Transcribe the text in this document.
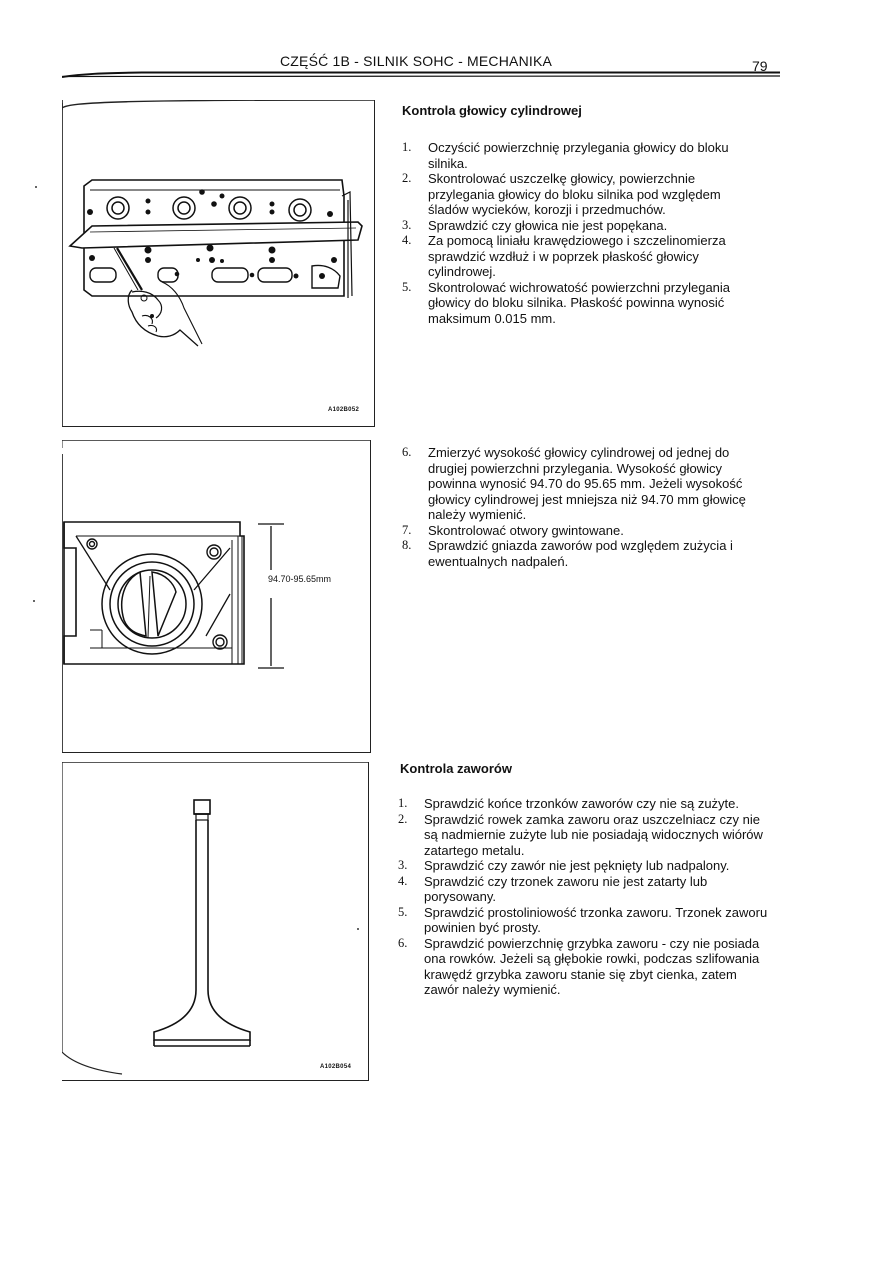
CZĘŚĆ 1B - SILNIK SOHC - MECHANIKA	79
A102B052
94.70-95.65mm
A102B054
Kontrola głowicy cylindrowej
1. Oczyścić powierzchnię przylegania głowicy do bloku silnika.
2. Skontrolować uszczelkę głowicy, powierzchnie przylegania głowicy do bloku silnika pod względem śladów wycieków, korozji i przedmuchów.
3. Sprawdzić czy głowica nie jest popękana.
4. Za pomocą liniału krawędziowego i szczelinomierza sprawdzić wzdłuż i w poprzek płaskość głowicy cylindrowej.
5. Skontrolować wichrowatość powierzchni przylegania głowicy do bloku silnika. Płaskość powinna wynosić maksimum 0.015 mm.
6. Zmierzyć wysokość głowicy cylindrowej od jednej do drugiej powierzchni przylegania. Wysokość głowicy powinna wynosić 94.70 do 95.65 mm. Jeżeli wysokość głowicy cylindrowej jest mniejsza niż 94.70 mm głowicę należy wymienić.
7. Skontrolować otwory gwintowane.
8. Sprawdzić gniazda zaworów pod względem zużycia i ewentualnych nadpaleń.
Kontrola zaworów
1. Sprawdzić końce trzonków zaworów czy nie są zużyte.
2. Sprawdzić rowek zamka zaworu oraz uszczelniacz czy nie są nadmiernie zużyte lub nie posiadają widocznych wiórów zatartego metalu.
3. Sprawdzić czy zawór nie jest pęknięty lub nadpalony.
4. Sprawdzić czy trzonek zaworu nie jest zatarty lub porysowany.
5. Sprawdzić prostoliniowość trzonka zaworu. Trzonek zaworu powinien być prosty.
6. Sprawdzić powierzchnię grzybka zaworu - czy nie posiada ona rowków. Jeżeli są głębokie rowki, podczas szlifowania krawędź grzybka zaworu stanie się zbyt cienka, zatem zawór należy wymienić.
